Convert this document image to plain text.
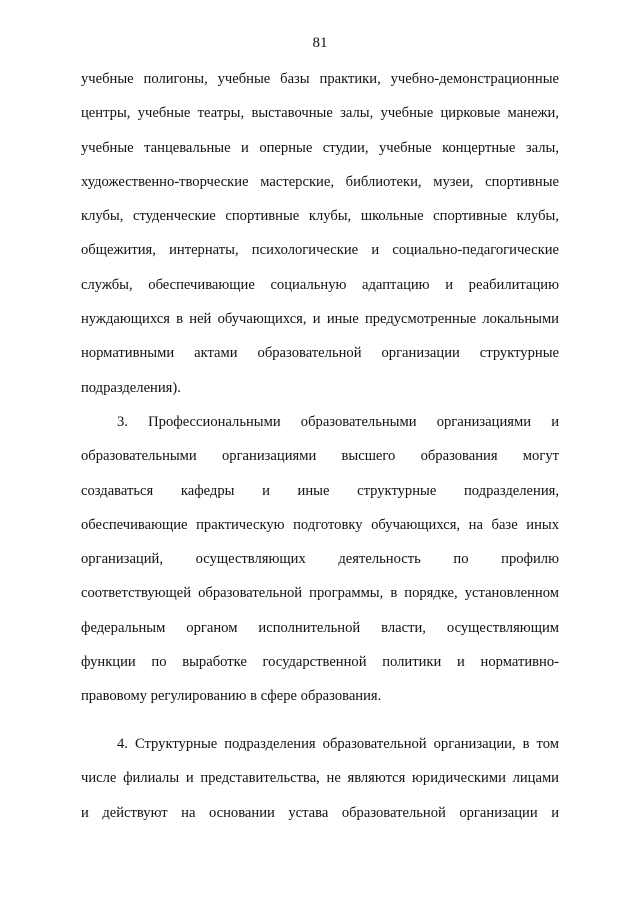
81
учебные полигоны, учебные базы практики, учебно-демонстрационные
центры, учебные театры, выставочные залы, учебные цирковые манежи,
учебные танцевальные и оперные студии, учебные концертные залы,
художественно-творческие мастерские, библиотеки, музеи, спортивные
клубы, студенческие спортивные клубы, школьные спортивные клубы,
общежития, интернаты, психологические и социально-педагогические
службы, обеспечивающие социальную адаптацию и реабилитацию
нуждающихся в ней обучающихся, и иные предусмотренные локальными
нормативными актами образовательной организации структурные
подразделения).
3. Профессиональными образовательными организациями и
образовательными организациями высшего образования могут
создаваться кафедры и иные структурные подразделения,
обеспечивающие практическую подготовку обучающихся, на базе иных
организаций, осуществляющих деятельность по профилю
соответствующей образовательной программы, в порядке, установленном
федеральным органом исполнительной власти, осуществляющим
функции по выработке государственной политики и нормативно-
правовому регулированию в сфере образования.
4. Структурные подразделения образовательной организации, в том
числе филиалы и представительства, не являются юридическими лицами
и действуют на основании устава образовательной организации и
